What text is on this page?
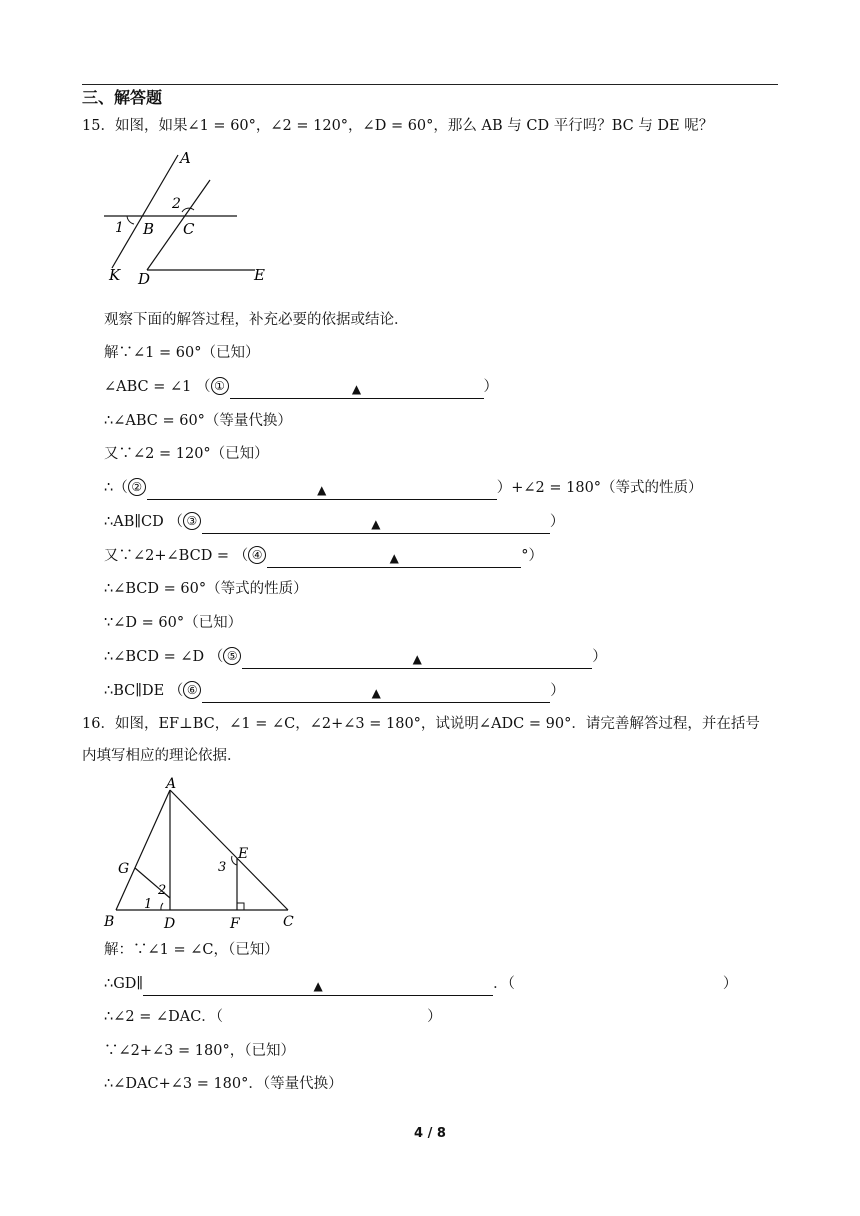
三、解答题
15．如图，如果∠1 = 60°，∠2 = 120°，∠D = 60°，那么 AB 与 CD 平行吗？BC 与 DE 呢？
A
B C
D	E
K
1
2
观察下面的解答过程，补充必要的依据或结论．
解∵∠1 = 60°（已知）
∠ABC = ∠1 （ ①	▲	）
∴∠ABC = 60°（等量代换）
又∵∠2 = 120°（已知）
∴（ ②	▲	）+∠2 = 180°（等式的性质）
∴AB∥CD （ ③	▲	）
又∵∠2+∠BCD = （ ④	▲	°）
∴∠BCD = 60°（等式的性质）
∵∠D = 60°（已知）
∴∠BCD = ∠D （ ⑤	▲	）
∴BC∥DE （ ⑥	▲	）
16．如图，EF⊥BC，∠1 = ∠C，∠2+∠3 = 180°，试说明∠ADC = 90°．请完善解答过程，并在括号
内填写相应的理论依据．
A
B	C
D
E
F
G
1
2
3
解：∵∠1 = ∠C，（已知）
∴GD∥	▲	．（	）
∴∠2 = ∠DAC．（	）
∵∠2+∠3 = 180°，（已知）
∴∠DAC+∠3 = 180°．（等量代换）
4 / 8
